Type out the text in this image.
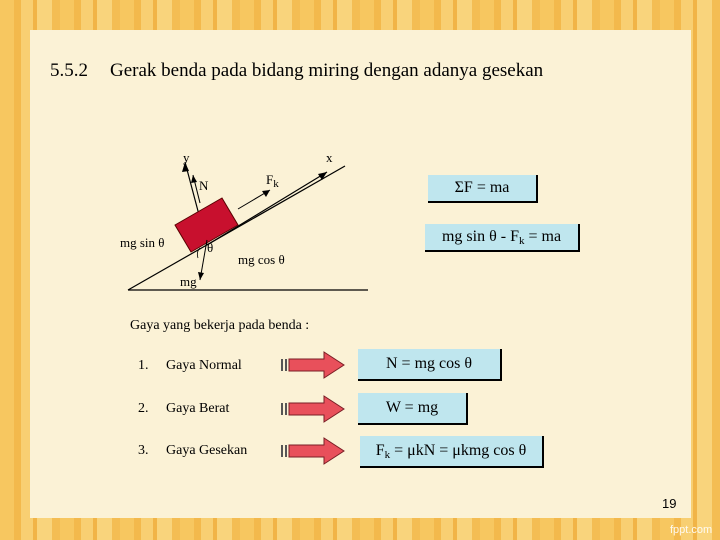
5.5.2 Gerak benda pada bidang miring dengan adanya gesekan
y	x
N	$F_k$
mg sin θ	θ
mg cos θ
mg
ΣF = ma
mg sin θ - $F_k$ = ma
Gaya yang bekerja pada benda :
1. Gaya Normal	N = mg cos θ
2. Gaya Berat	W = mg
3. Gaya Gesekan	$F_k = \mu kN = \mu kmg$ cos θ
19
fppt.com
